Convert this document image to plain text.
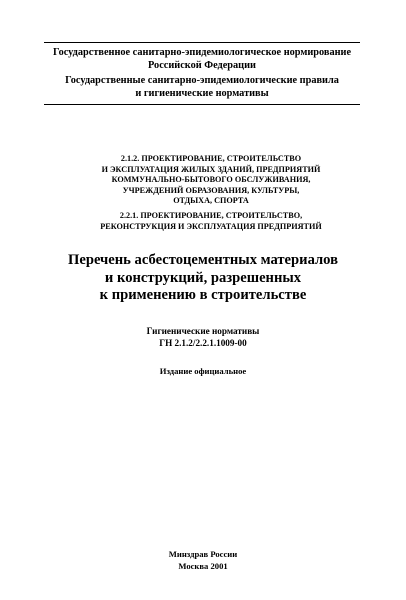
Государственное санитарно-эпидемиологическое нормирование
Российской Федерации
Государственные санитарно-эпидемиологические правила
и гигиенические нормативы
2.1.2. ПРОЕКТИРОВАНИЕ, СТРОИТЕЛЬСТВО
И ЭКСПЛУАТАЦИЯ ЖИЛЫХ ЗДАНИЙ, ПРЕДПРИЯТИЙ
КОММУНАЛЬНО-БЫТОВОГО ОБСЛУЖИВАНИЯ,
УЧРЕЖДЕНИЙ ОБРАЗОВАНИЯ, КУЛЬТУРЫ,
ОТДЫХА, СПОРТА
2.2.1. ПРОЕКТИРОВАНИЕ, СТРОИТЕЛЬСТВО,
РЕКОНСТРУКЦИЯ И ЭКСПЛУАТАЦИЯ ПРЕДПРИЯТИЙ
Перечень асбестоцементных материалов
и конструкций, разрешенных
к применению в строительстве
Гигиенические нормативы
ГН 2.1.2/2.2.1.1009-00
Издание официальное
Минздрав России
Москва 2001
